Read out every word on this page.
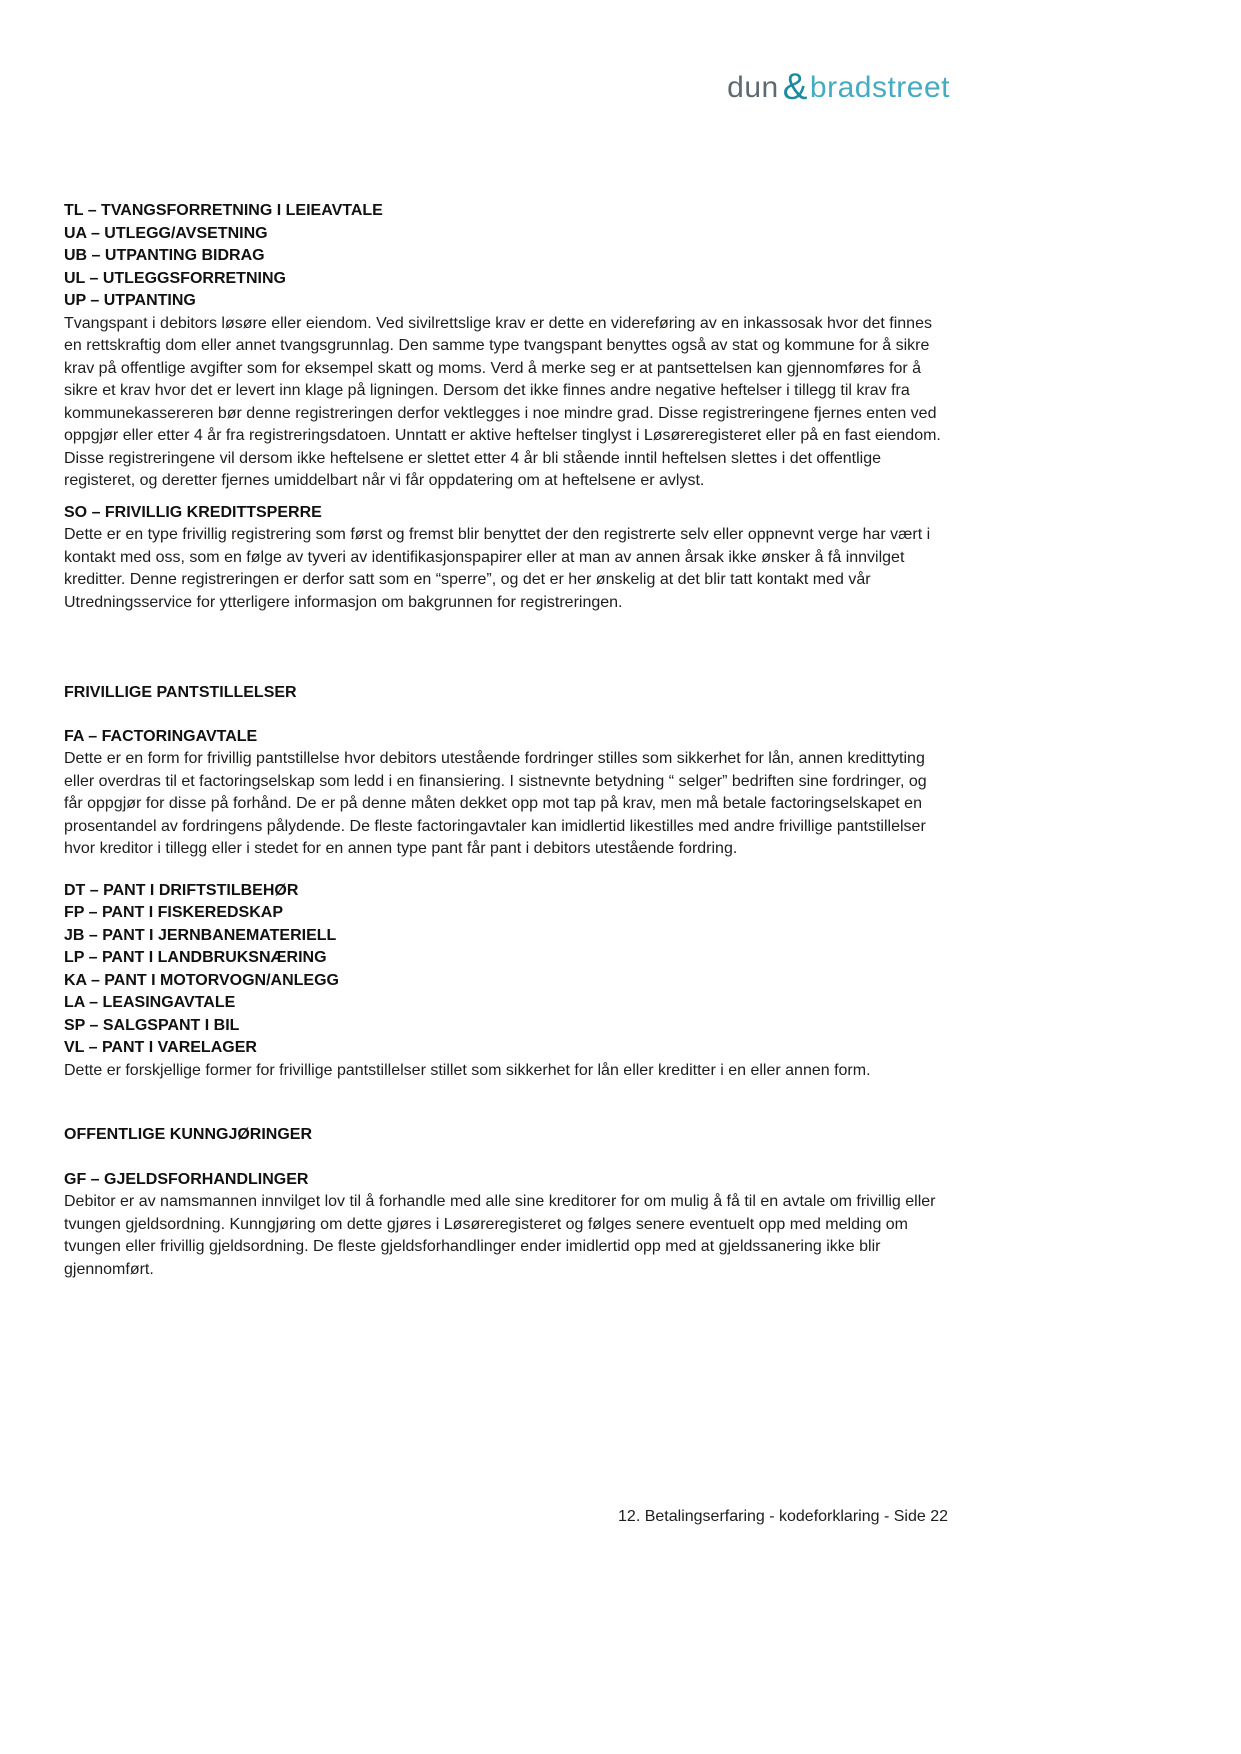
dun & bradstreet
TL – TVANGSFORRETNING I LEIEAVTALE
UA – UTLEGG/AVSETNING
UB – UTPANTING BIDRAG
UL – UTLEGGSFORRETNING
UP – UTPANTING
Tvangspant i debitors løsøre eller eiendom. Ved sivilrettslige krav er dette en videreføring av en inkassosak hvor det finnes en rettskraftig dom eller annet tvangsgrunnlag. Den samme type tvangspant benyttes også av stat og kommune for å sikre krav på offentlige avgifter som for eksempel skatt og moms. Verd å merke seg er at pantsettelsen kan gjennomføres for å sikre et krav hvor det er levert inn klage på ligningen. Dersom det ikke finnes andre negative heftelser i tillegg til krav fra kommunekassereren bør denne registreringen derfor vektlegges i noe mindre grad. Disse registreringene fjernes enten ved oppgjør eller etter 4 år fra registreringsdatoen. Unntatt er aktive heftelser tinglyst i Løsøreregisteret eller på en fast eiendom. Disse registreringene vil dersom ikke heftelsene er slettet etter 4 år bli stående inntil heftelsen slettes i det offentlige registeret, og deretter fjernes umiddelbart når vi får oppdatering om at heftelsene er avlyst.
SO – FRIVILLIG KREDITTSPERRE
Dette er en type frivillig registrering som først og fremst blir benyttet der den registrerte selv eller oppnevnt verge har vært i kontakt med oss, som en følge av tyveri av identifikasjonspapirer eller at man av annen årsak ikke ønsker å få innvilget kreditter. Denne registreringen er derfor satt som en “sperre”, og det er her ønskelig at det blir tatt kontakt med vår Utredningsservice for ytterligere informasjon om bakgrunnen for registreringen.
FRIVILLIGE PANTSTILLELSER
FA – FACTORINGAVTALE
Dette er en form for frivillig pantstillelse hvor debitors utestående fordringer stilles som sikkerhet for lån, annen kredittyting eller overdras til et factoringselskap som ledd i en finansiering. I sistnevnte betydning “ selger” bedriften sine fordringer, og får oppgjør for disse på forhånd. De er på denne måten dekket opp mot tap på krav, men må betale factoringselskapet en prosentandel av fordringens pålydende. De fleste factoringavtaler kan imidlertid likestilles med andre frivillige pantstillelser hvor kreditor i tillegg eller i stedet for en annen type pant får pant i debitors utestående fordring.
DT – PANT I DRIFTSTILBEHØR
FP – PANT I FISKEREDSKAP
JB – PANT I JERNBANEMATERIELL
LP – PANT I LANDBRUKSNÆRING
KA – PANT I MOTORVOGN/ANLEGG
LA – LEASINGAVTALE
SP – SALGSPANT I BIL
VL – PANT I VARELAGER
Dette er forskjellige former for frivillige pantstillelser stillet som sikkerhet for lån eller kreditter i en eller annen form.
OFFENTLIGE KUNNGJØRINGER
GF – GJELDSFORHANDLINGER
Debitor er av namsmannen innvilget lov til å forhandle med alle sine kreditorer for om mulig å få til en avtale om frivillig eller tvungen gjeldsordning. Kunngjøring om dette gjøres i Løsøreregisteret og følges senere eventuelt opp med melding om tvungen eller frivillig gjeldsordning. De fleste gjeldsforhandlinger ender imidlertid opp med at gjeldssanering ikke blir gjennomført.
12. Betalingserfaring - kodeforklaring - Side 22
